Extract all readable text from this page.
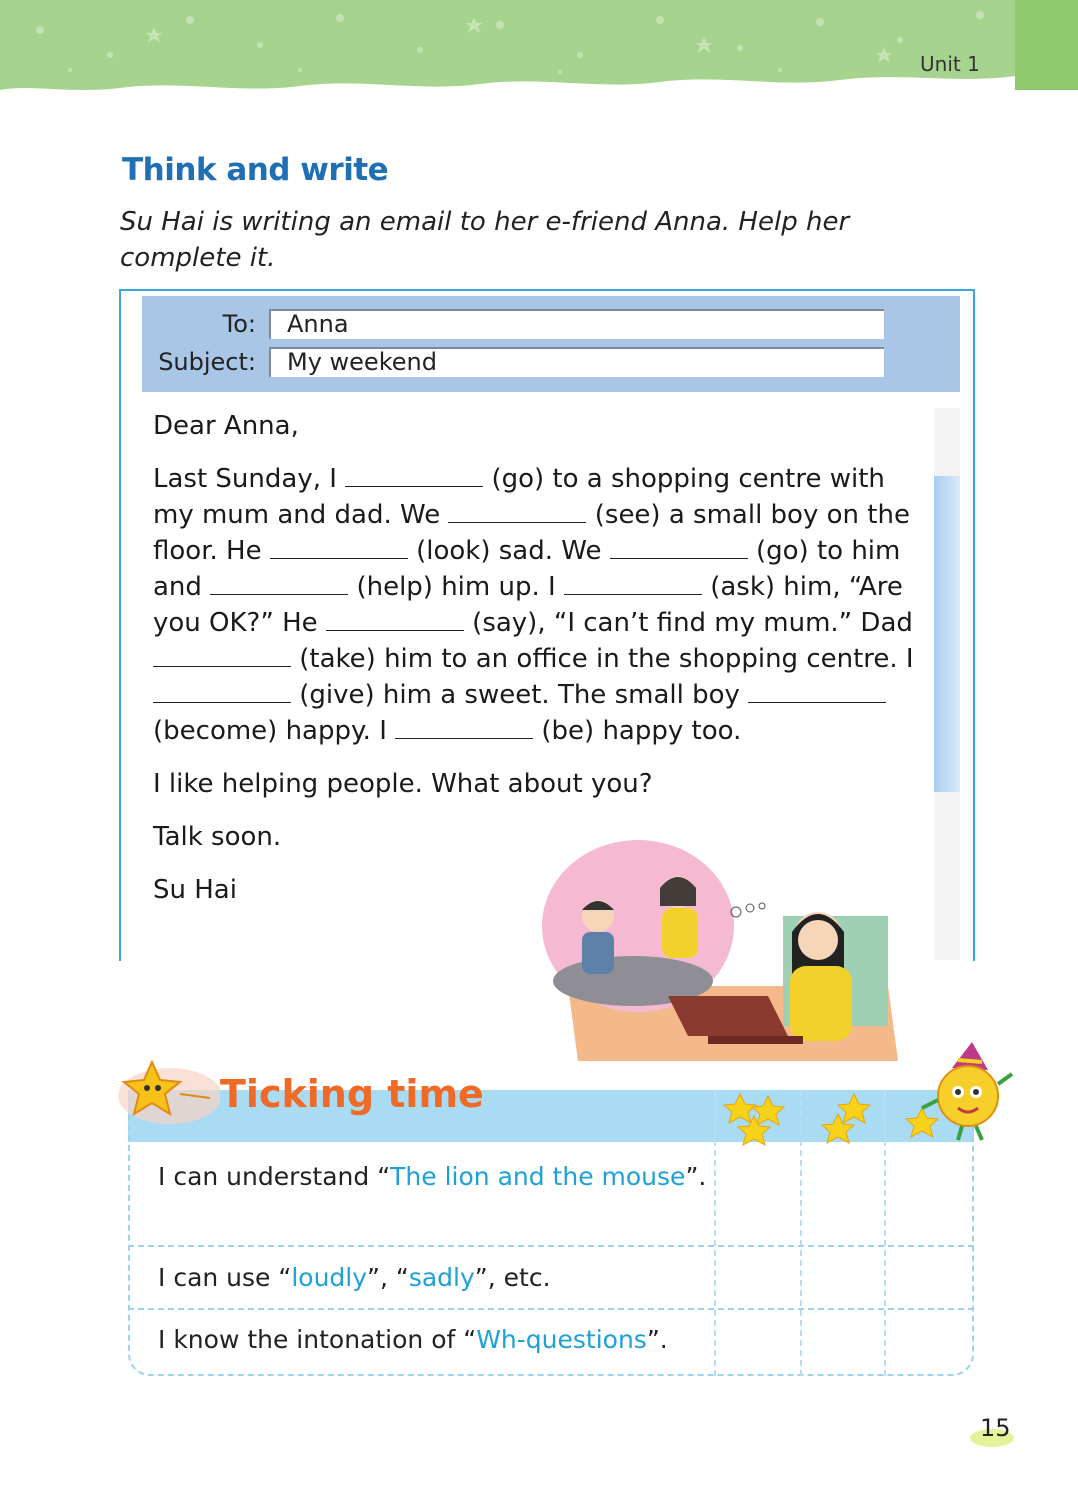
Unit 1
Think and write

Su Hai is writing an email to her e-friend Anna. Help her complete it.

To:	Anna
Subject:	My weekend

Dear Anna,

Last Sunday, I	(go) to a shopping centre with my mum and dad. We	(see) a small boy on the floor. He	(look) sad. We	(go) to him and	(help) him up. I	(ask) him, “Are you OK?” He	(say), “I can’t find my mum.” Dad  (take) him to an office in the shopping centre. I  (give) him a sweet. The small boy  (become) happy. I	(be) happy too.

I like helping people. What about you?

Talk soon.

Su Hai

Ticking time
I can understand “The lion and the mouse”.
I can use “loudly”, “sadly”, etc.
I know the intonation of “Wh-questions”.
15
